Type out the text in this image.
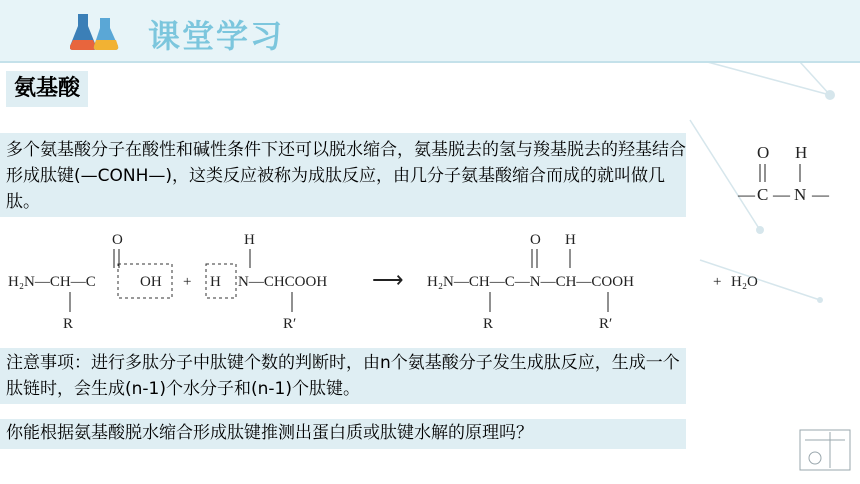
课堂学习
氨基酸
多个氨基酸分子在酸性和碱性条件下还可以脱水缩合，氨基脱去的氢与羧基脱去的羟基结合形成肽键(—CONH—)，这类反应被称为成肽反应，由几分子氨基酸缩合而成的就叫做几肽。
O H
— C — N —
O
H₂N—CH—C	OH
R
+ H
H
N—CHCOOH
R′
⟶
O H
H₂N—CH—C—N—CH—COOH
R	R′
+ H₂O
注意事项：进行多肽分子中肽键个数的判断时，由n个氨基酸分子发生成肽反应，生成一个肽链时，会生成(n-1)个水分子和(n-1)个肽键。
你能根据氨基酸脱水缩合形成肽键推测出蛋白质或肽键水解的原理吗？
